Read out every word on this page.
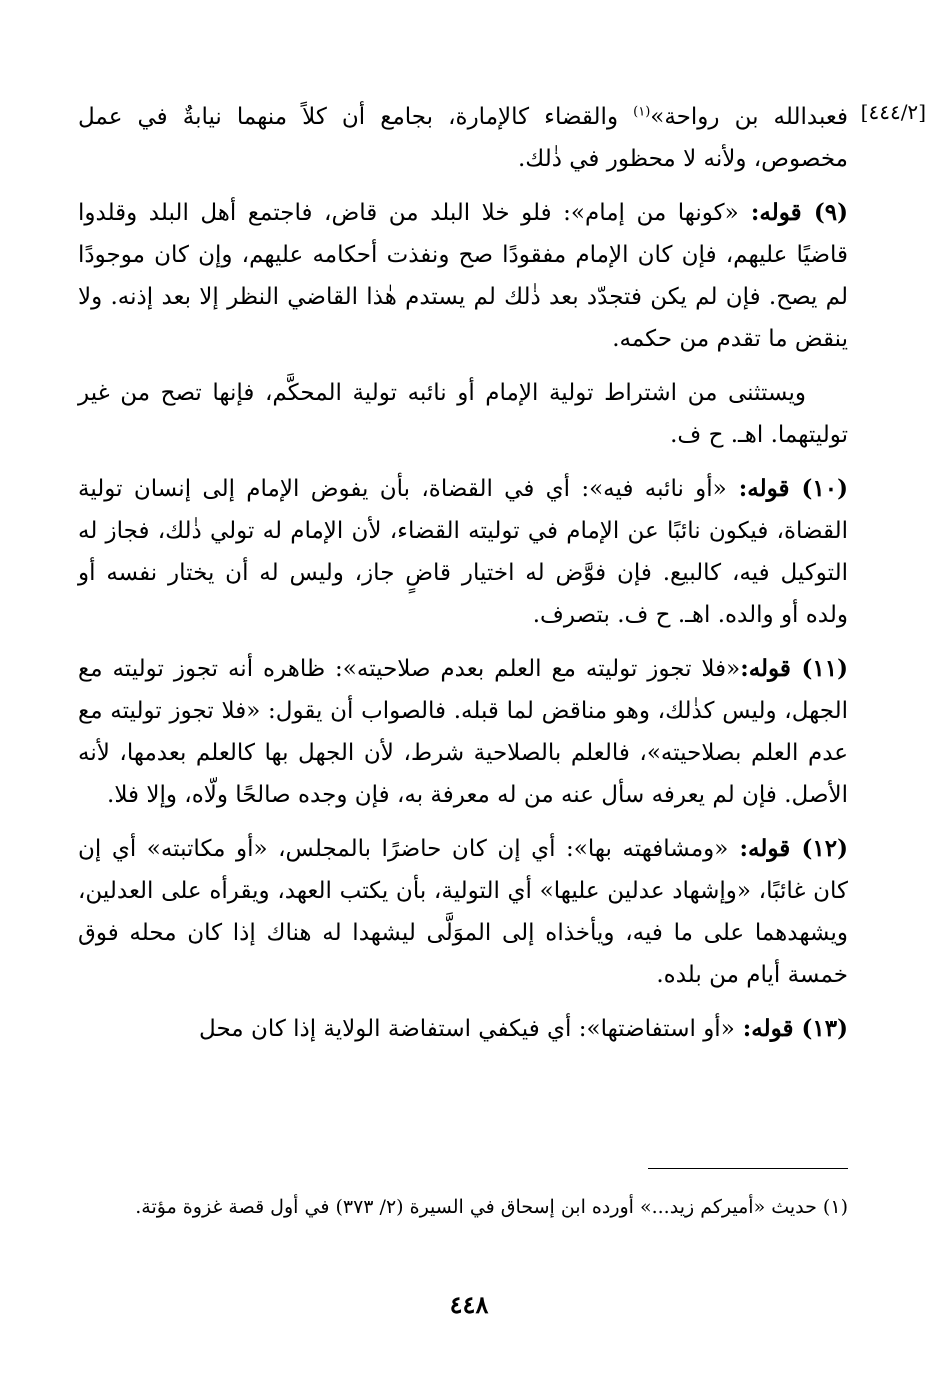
[٤٤٤/٢]

فعبدالله بن رواحة»$^{(١)}$ والقضاء كالإمارة، بجامع أن كلاً منهما نيابةٌ في عمل مخصوص، ولأنه لا محظور في ذٰلك.

(٩) قوله: «كونها من إمام»: فلو خلا البلد من قاض، فاجتمع أهل البلد وقلدوا قاضيًا عليهم، فإن كان الإمام مفقودًا صح ونفذت أحكامه عليهم، وإن كان موجودًا لم يصح. فإن لم يكن فتجدّد بعد ذٰلك لم يستدم هٰذا القاضي النظر إلا بعد إذنه. ولا ينقض ما تقدم من حكمه.

ويستثنى من اشتراط تولية الإمام أو نائبه تولية المحكَّم، فإنها تصح من غير توليتهما. اهـ. ح ف.

(١٠) قوله: «أو نائبه فيه»: أي في القضاة، بأن يفوض الإمام إلى إنسان تولية القضاة، فيكون نائبًا عن الإمام في توليته القضاء، لأن الإمام له تولي ذٰلك، فجاز له التوكيل فيه، كالبيع. فإن فوَّض له اختيار قاضٍ جاز، وليس له أن يختار نفسه أو ولده أو والده. اهـ. ح ف. بتصرف.

(١١) قوله:«فلا تجوز توليته مع العلم بعدم صلاحيته»: ظاهره أنه تجوز توليته مع الجهل، وليس كذٰلك، وهو مناقض لما قبله. فالصواب أن يقول: «فلا تجوز توليته مع عدم العلم بصلاحيته»، فالعلم بالصلاحية شرط، لأن الجهل بها كالعلم بعدمها، لأنه الأصل. فإن لم يعرفه سأل عنه من له معرفة به، فإن وجده صالحًا ولّاه، وإلا فلا.

(١٢) قوله: «ومشافهته بها»: أي إن كان حاضرًا بالمجلس، «أو مكاتبته» أي إن كان غائبًا، «وإشهاد عدلين عليها» أي التولية، بأن يكتب العهد، ويقرأه على العدلين، ويشهدهما على ما فيه، ويأخذاه إلى الموَلَّى ليشهدا له هناك إذا كان محله فوق خمسة أيام من بلده.

(١٣) قوله: «أو استفاضتها»: أي فيكفي استفاضة الولاية إذا كان محل

(١) حديث «أميركم زيد...» أورده ابن إسحاق في السيرة (٢/ ٣٧٣) في أول قصة غزوة مؤتة.

٤٤٨
